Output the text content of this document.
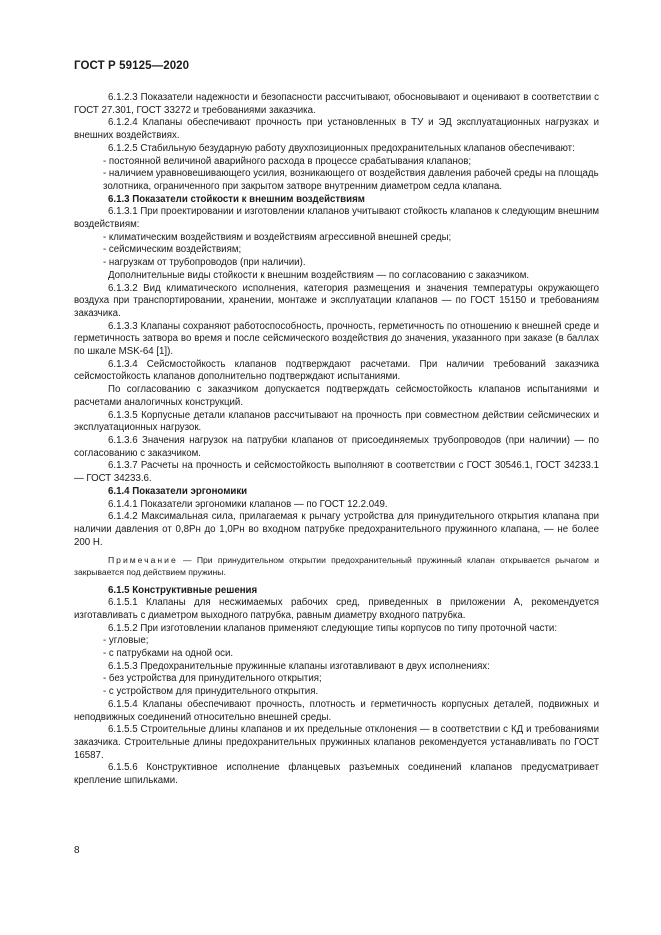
ГОСТ Р 59125—2020
6.1.2.3 Показатели надежности и безопасности рассчитывают, обосновывают и оценивают в соответствии с ГОСТ 27.301, ГОСТ 33272 и требованиями заказчика.
6.1.2.4 Клапаны обеспечивают прочность при установленных в ТУ и ЭД эксплуатационных нагрузках и внешних воздействиях.
6.1.2.5 Стабильную безударную работу двухпозиционных предохранительных клапанов обеспечивают:
- постоянной величиной аварийного расхода в процессе срабатывания клапанов;
- наличием уравновешивающего усилия, возникающего от воздействия давления рабочей среды на площадь золотника, ограниченного при закрытом затворе внутренним диаметром седла клапана.
6.1.3 Показатели стойкости к внешним воздействиям
6.1.3.1 При проектировании и изготовлении клапанов учитывают стойкость клапанов к следующим внешним воздействиям:
- климатическим воздействиям и воздействиям агрессивной внешней среды;
- сейсмическим воздействиям;
- нагрузкам от трубопроводов (при наличии).
Дополнительные виды стойкости к внешним воздействиям — по согласованию с заказчиком.
6.1.3.2 Вид климатического исполнения, категория размещения и значения температуры окружающего воздуха при транспортировании, хранении, монтаже и эксплуатации клапанов — по ГОСТ 15150 и требованиям заказчика.
6.1.3.3 Клапаны сохраняют работоспособность, прочность, герметичность по отношению к внешней среде и герметичность затвора во время и после сейсмического воздействия до значения, указанного при заказе (в баллах по шкале MSK-64 [1]).
6.1.3.4 Сейсмостойкость клапанов подтверждают расчетами. При наличии требований заказчика сейсмостойкость клапанов дополнительно подтверждают испытаниями.
По согласованию с заказчиком допускается подтверждать сейсмостойкость клапанов испытаниями и расчетами аналогичных конструкций.
6.1.3.5 Корпусные детали клапанов рассчитывают на прочность при совместном действии сейсмических и эксплуатационных нагрузок.
6.1.3.6 Значения нагрузок на патрубки клапанов от присоединяемых трубопроводов (при наличии) — по согласованию с заказчиком.
6.1.3.7 Расчеты на прочность и сейсмостойкость выполняют в соответствии с ГОСТ 30546.1, ГОСТ 34233.1 — ГОСТ 34233.6.
6.1.4 Показатели эргономики
6.1.4.1 Показатели эргономики клапанов — по ГОСТ 12.2.049.
6.1.4.2 Максимальная сила, прилагаемая к рычагу устройства для принудительного открытия клапана при наличии давления от 0,8Pн до 1,0Pн во входном патрубке предохранительного пружинного клапана, — не более 200 Н.
Примечание — При принудительном открытии предохранительный пружинный клапан открывается рычагом и закрывается под действием пружины.
6.1.5 Конструктивные решения
6.1.5.1 Клапаны для несжимаемых рабочих сред, приведенных в приложении А, рекомендуется изготавливать с диаметром выходного патрубка, равным диаметру входного патрубка.
6.1.5.2 При изготовлении клапанов применяют следующие типы корпусов по типу проточной части:
- угловые;
- с патрубками на одной оси.
6.1.5.3 Предохранительные пружинные клапаны изготавливают в двух исполнениях:
- без устройства для принудительного открытия;
- с устройством для принудительного открытия.
6.1.5.4 Клапаны обеспечивают прочность, плотность и герметичность корпусных деталей, подвижных и неподвижных соединений относительно внешней среды.
6.1.5.5 Строительные длины клапанов и их предельные отклонения — в соответствии с КД и требованиями заказчика. Строительные длины предохранительных пружинных клапанов рекомендуется устанавливать по ГОСТ 16587.
6.1.5.6 Конструктивное исполнение фланцевых разъемных соединений клапанов предусматривает крепление шпильками.
8
